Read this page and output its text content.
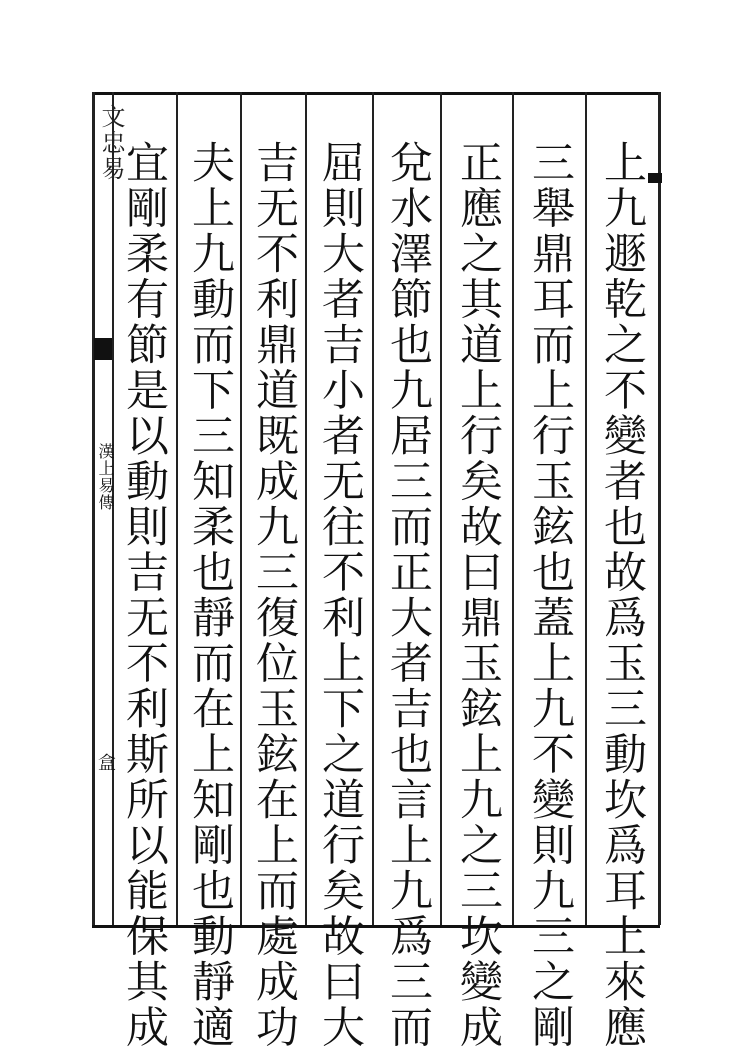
文忠易
漢上易傳
盒	上九遯乾之不變者也故爲玉三動坎爲耳上來應
三舉鼎耳而上行玉鉉也蓋上九不變則九三之剛
正應之其道上行矣故曰鼎玉鉉上九之三坎變成
兌水澤節也九居三而正大者吉也言上九爲三而
屈則大者吉小者无往不利上下之道行矣故曰大
吉无不利鼎道既成九三復位玉鉉在上而處成功
夫上九動而下三知柔也靜而在上知剛也動靜適
宜剛柔有節是以動則吉无不利斯所以能保其成
